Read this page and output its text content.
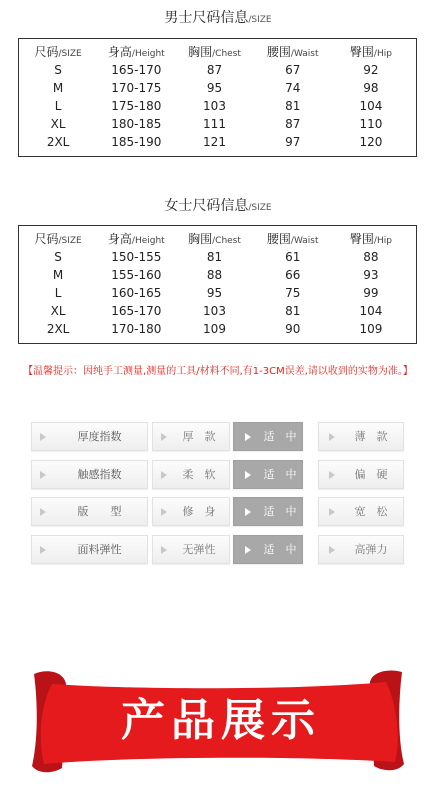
男士尺码信息/SIZE
尺码/SIZE	身高/Height	胸围/Chest	腰围/Waist	臀围/Hip
S	165-170	87	67	92
M	170-175	95	74	98
L	175-180	103	81	104
XL	180-185	111	87	110
2XL	185-190	121	97	120
女士尺码信息/SIZE
尺码/SIZE	身高/Height	胸围/Chest	腰围/Waist	臀围/Hip
S	150-155	81	61	88
M	155-160	88	66	93
L	160-165	95	75	99
XL	165-170	103	81	104
2XL	170-180	109	90	109
【温馨提示：因纯手工测量,测量的工具/材料不同,有1-3CM误差,请以收到的实物为准。】
厚度指数	厚　款	适　中	薄　款
触感指数	柔　软	适　中	偏　硬
版　　型	修　身	适　中	宽　松
面料弹性	无弹性	适　中	高弹力
产品展示
